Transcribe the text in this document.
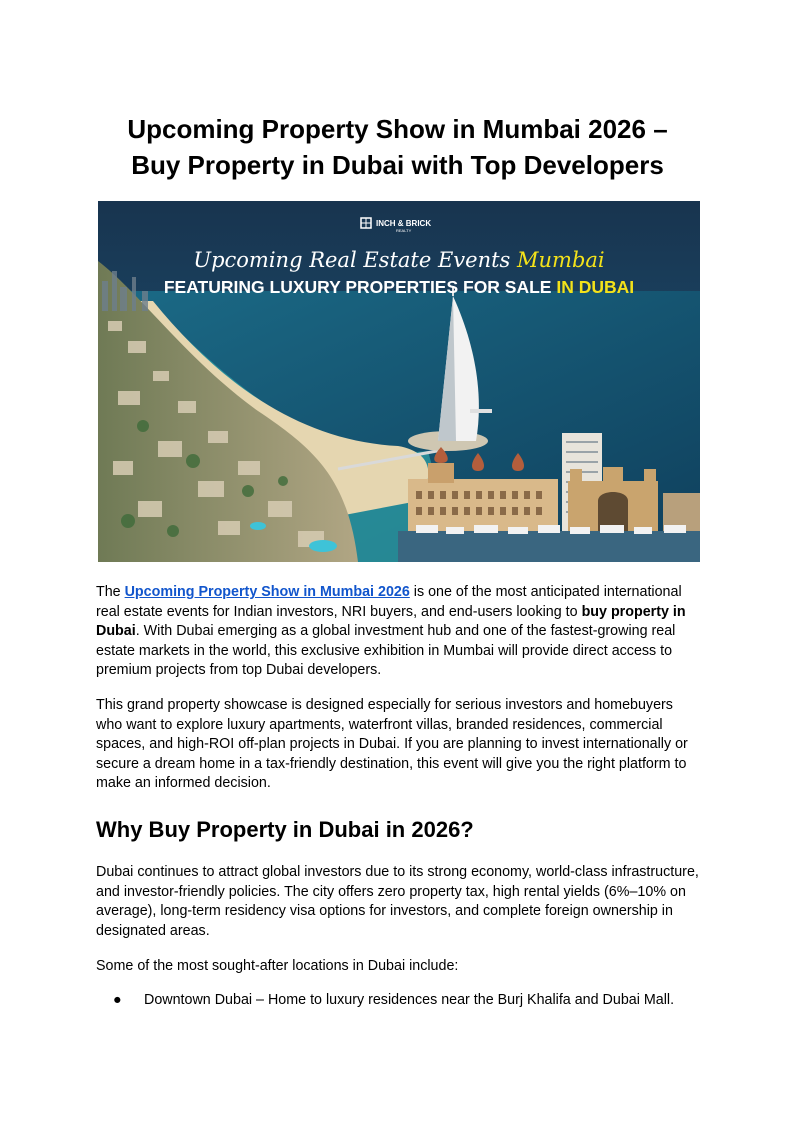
Upcoming Property Show in Mumbai 2026 –
Buy Property in Dubai with Top Developers
INCH & BRICK
REALTY
Upcoming Real Estate Events Mumbai
FEATURING LUXURY PROPERTIES FOR SALE IN DUBAI

The Upcoming Property Show in Mumbai 2026 is one of the most anticipated international real estate events for Indian investors, NRI buyers, and end-users looking to buy property in Dubai. With Dubai emerging as a global investment hub and one of the fastest-growing real estate markets in the world, this exclusive exhibition in Mumbai will provide direct access to premium projects from top Dubai developers.

This grand property showcase is designed especially for serious investors and homebuyers who want to explore luxury apartments, waterfront villas, branded residences, commercial spaces, and high-ROI off-plan projects in Dubai. If you are planning to invest internationally or secure a dream home in a tax-friendly destination, this event will give you the right platform to make an informed decision.

Why Buy Property in Dubai in 2026?

Dubai continues to attract global investors due to its strong economy, world-class infrastructure, and investor-friendly policies. The city offers zero property tax, high rental yields (6%–10% on average), long-term residency visa options for investors, and complete foreign ownership in designated areas.

Some of the most sought-after locations in Dubai include:

● Downtown Dubai – Home to luxury residences near the Burj Khalifa and Dubai Mall.
